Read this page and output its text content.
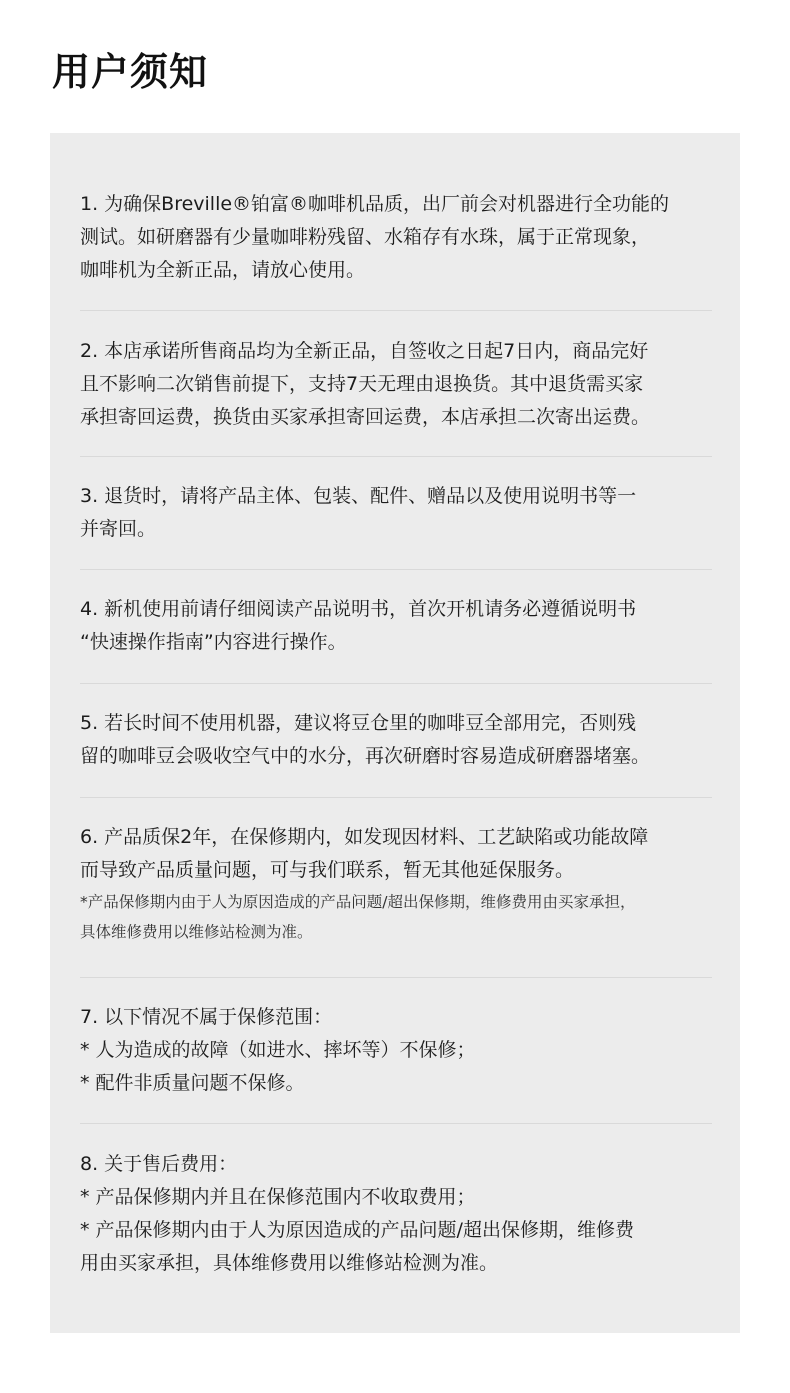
用户须知
1. 为确保Breville®铂富®咖啡机品质，出厂前会对机器进行全功能的
测试。如研磨器有少量咖啡粉残留、水箱存有水珠，属于正常现象，
咖啡机为全新正品，请放心使用。
2. 本店承诺所售商品均为全新正品，自签收之日起7日内，商品完好
且不影响二次销售前提下，支持7天无理由退换货。其中退货需买家
承担寄回运费，换货由买家承担寄回运费，本店承担二次寄出运费。
3. 退货时，请将产品主体、包装、配件、赠品以及使用说明书等一
并寄回。
4. 新机使用前请仔细阅读产品说明书，首次开机请务必遵循说明书
“快速操作指南”内容进行操作。
5. 若长时间不使用机器，建议将豆仓里的咖啡豆全部用完，否则残
留的咖啡豆会吸收空气中的水分，再次研磨时容易造成研磨器堵塞。
6. 产品质保2年，在保修期内，如发现因材料、工艺缺陷或功能故障
而导致产品质量问题，可与我们联系，暂无其他延保服务。
*产品保修期内由于人为原因造成的产品问题/超出保修期，维修费用由买家承担，
具体维修费用以维修站检测为准。
7. 以下情况不属于保修范围：
* 人为造成的故障（如进水、摔坏等）不保修；
* 配件非质量问题不保修。
8. 关于售后费用：
* 产品保修期内并且在保修范围内不收取费用；
* 产品保修期内由于人为原因造成的产品问题/超出保修期，维修费
用由买家承担，具体维修费用以维修站检测为准。
